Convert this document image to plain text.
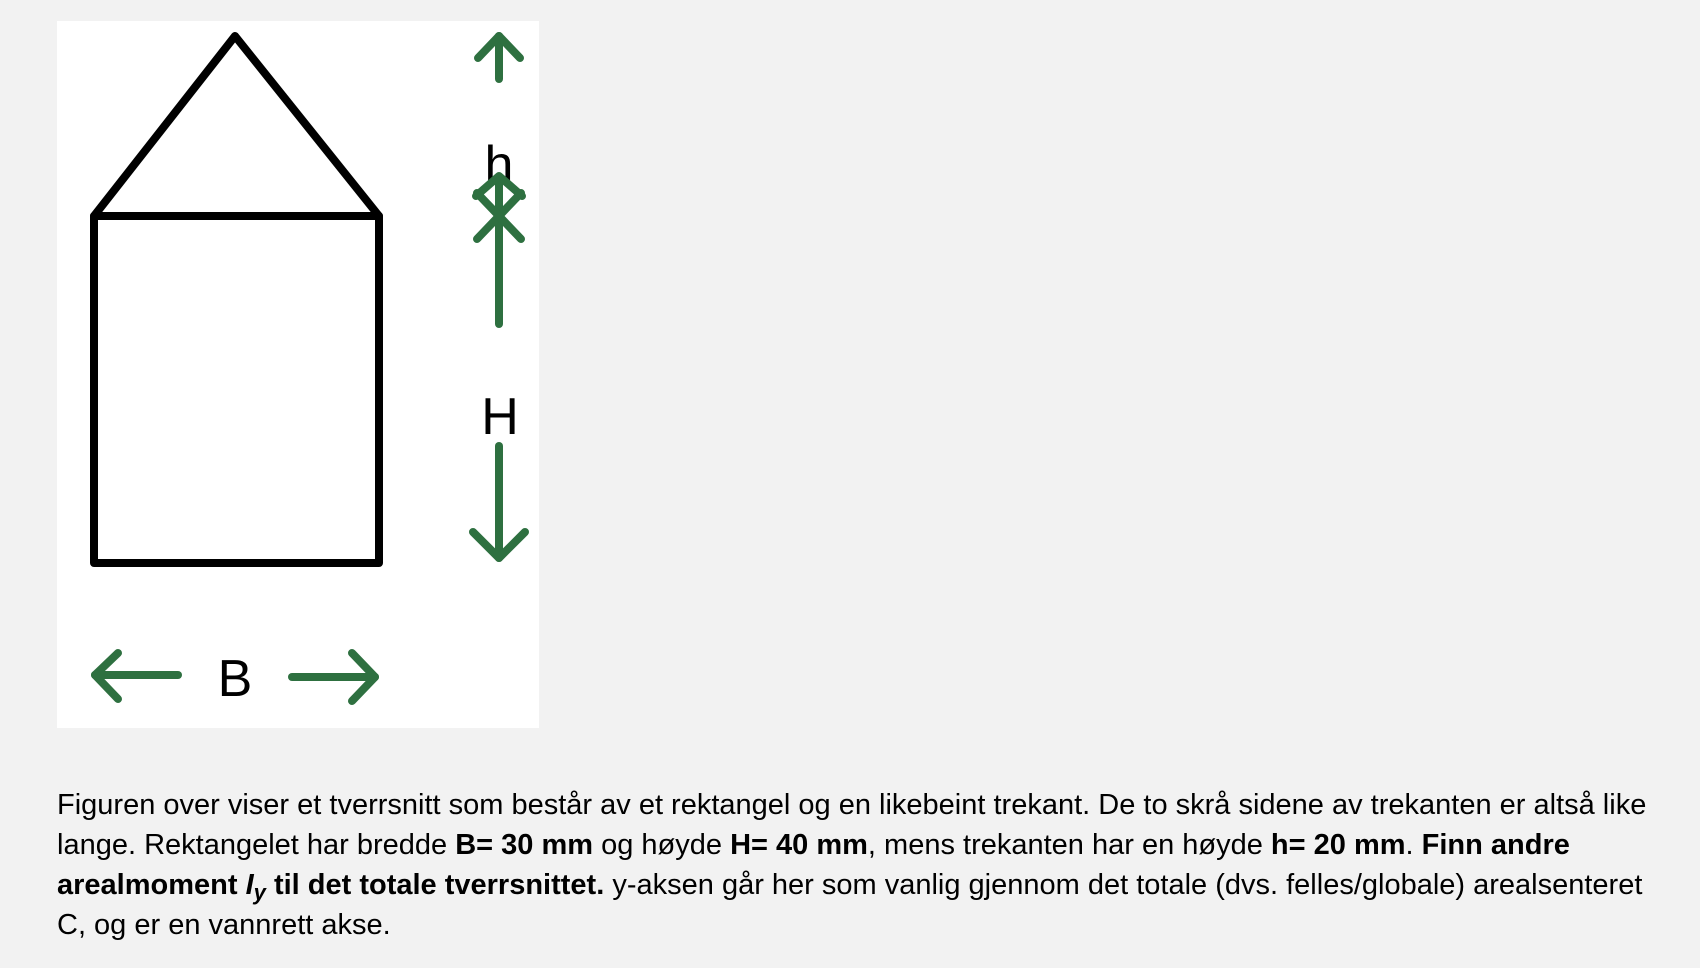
h
H
B
Figuren over viser et tverrsnitt som består av et rektangel og en likebeint trekant. De to skrå sidene av trekanten er altså like lange. Rektangelet har bredde B= 30 mm og høyde H= 40 mm, mens trekanten har en høyde h= 20 mm. Finn andre arealmoment $I_y$ til det totale tverrsnittet. y-aksen går her som vanlig gjennom det totale (dvs. felles/globale) arealsenteret C, og er en vannrett akse.
